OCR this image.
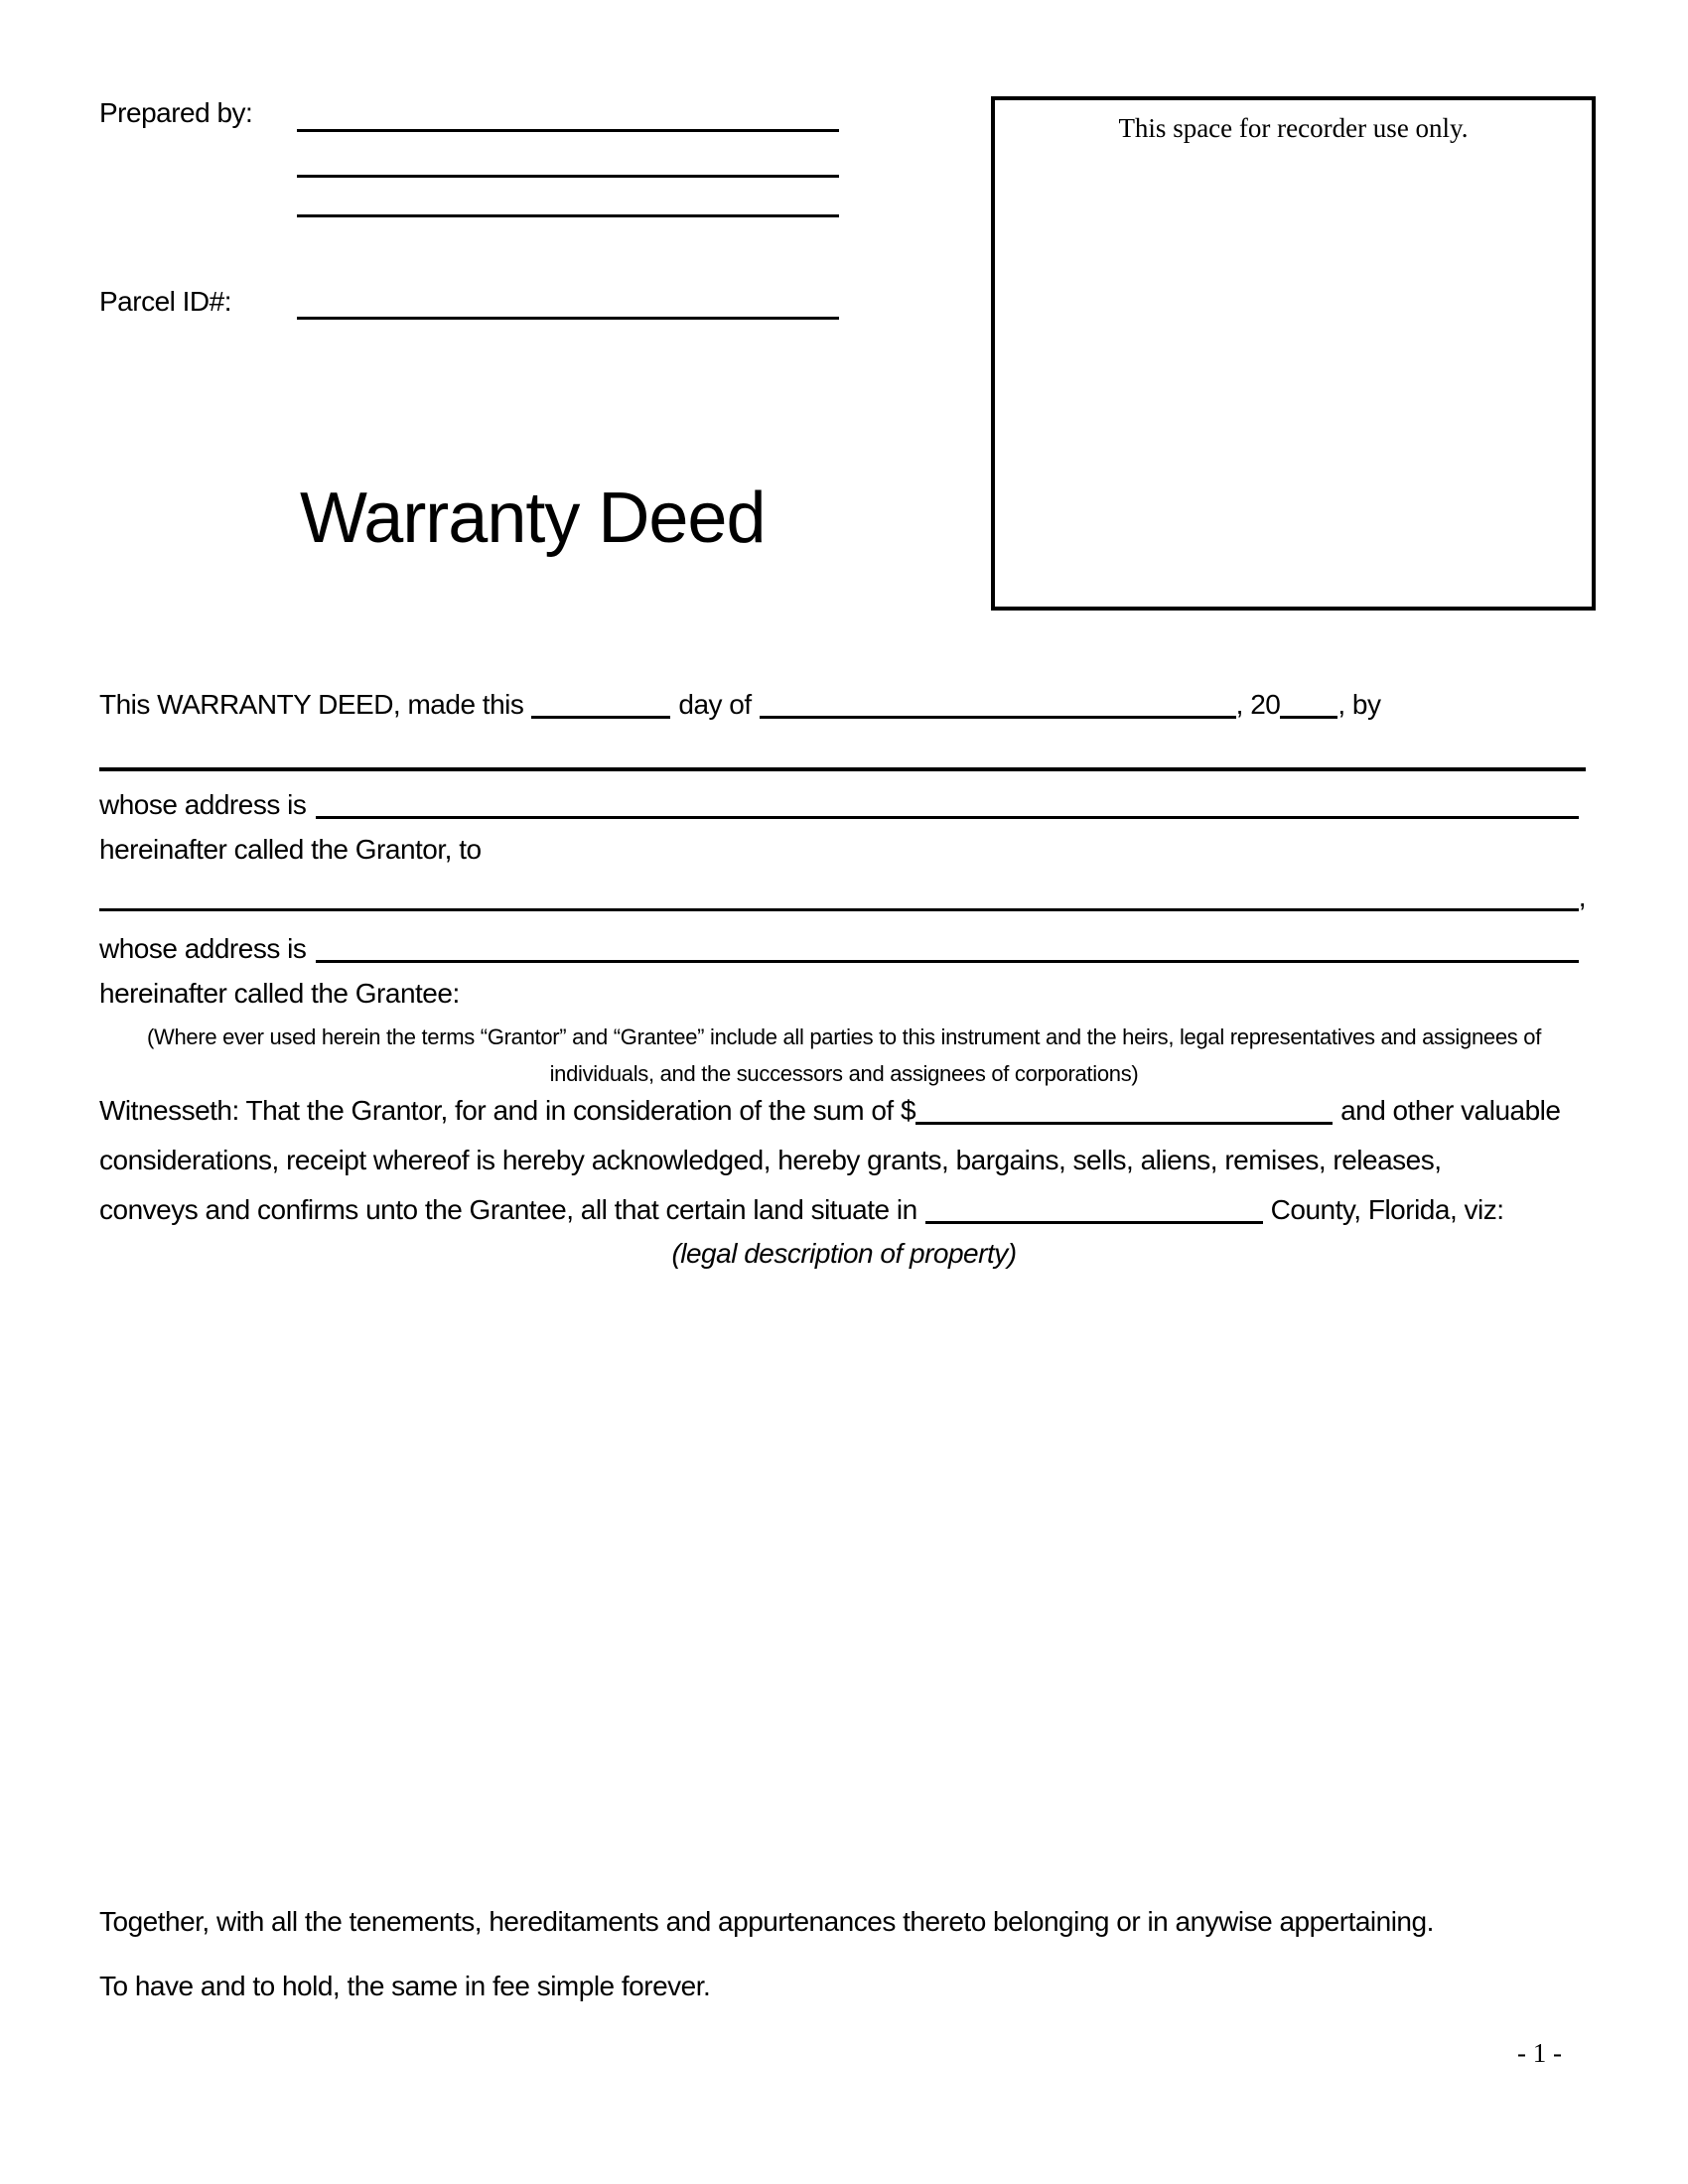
Prepared by:
Parcel ID#:
This space for recorder use only.
Warranty Deed
This WARRANTY DEED, made this	day of	, 20 , by
whose address is
hereinafter called the Grantor, to
,
whose address is
hereinafter called the Grantee:
(Where ever used herein the terms “Grantor” and “Grantee” include all parties to this instrument and the heirs, legal representatives and assignees of individuals, and the successors and assignees of corporations)
Witnesseth: That the Grantor, for and in consideration of the sum of $	and other valuable
considerations, receipt whereof is hereby acknowledged, hereby grants, bargains, sells, aliens, remises, releases,
conveys and confirms unto the Grantee, all that certain land situate in	County, Florida, viz:
(legal description of property)
Together, with all the tenements, hereditaments and appurtenances thereto belonging or in anywise appertaining.
To have and to hold, the same in fee simple forever.
- 1 -
